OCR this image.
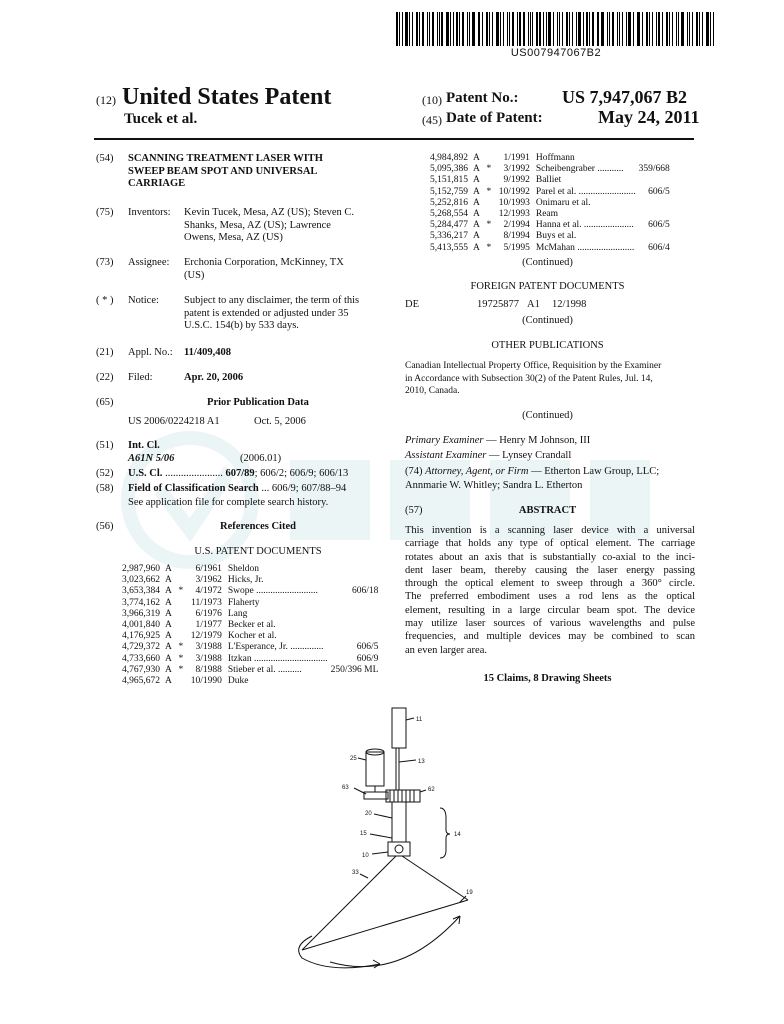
US007947067B2
(12) United States Patent
Tucek et al.
(10) Patent No.: US 7,947,067 B2
(45) Date of Patent:	May 24, 2011
(54) SCANNING TREATMENT LASER WITH
SWEEP BEAM SPOT AND UNIVERSAL
CARRIAGE
(75) Inventors: Kevin Tucek, Mesa, AZ (US); Steven C.
Shanks, Mesa, AZ (US); Lawrence
Owens, Mesa, AZ (US)
(73) Assignee: Erchonia Corporation, McKinney, TX
(US)
( * ) Notice: Subject to any disclaimer, the term of this
patent is extended or adjusted under 35
U.S.C. 154(b) by 533 days.
(21) Appl. No.: 11/409,408
(22) Filed:	Apr. 20, 2006
(65)	Prior Publication Data
US 2006/0224218 A1	Oct. 5, 2006
(51) Int. Cl.
A61N 5/06	(2006.01)
(52) U.S. Cl. ...................... 607/89; 606/2; 606/9; 606/13
(58) Field of Classification Search ... 606/9; 607/88–94
See application file for complete search history.
(56)	References Cited
U.S. PATENT DOCUMENTS
2,987,960	A		6/1961	Sheldon	
3,023,662	A		3/1962	Hicks, Jr.	
3,653,384	A	*	4/1972	Swope ..........................	606/18
3,774,162	A		11/1973	Flaherty	
3,966,319	A		6/1976	Lang	
4,001,840	A		1/1977	Becker et al.	
4,176,925	A		12/1979	Kocher et al.	
4,729,372	A	*	3/1988	L'Esperance, Jr. ..............	606/5
4,733,660	A	*	3/1988	Itzkan ...............................	606/9
4,767,930	A	*	8/1988	Stieber et al. ..........	250/396 ML
4,965,672	A		10/1990	Duke	
4,984,892	A		1/1991	Hoffmann	
5,095,386	A	*	3/1992	Scheibengraber ...........	359/668
5,151,815	A		9/1992	Balliet	
5,152,759	A	*	10/1992	Parel et al. ........................	606/5
5,252,816	A		10/1993	Onimaru et al.	
5,268,554	A		12/1993	Ream	
5,284,477	A	*	2/1994	Hanna et al. .....................	606/5
5,336,217	A		8/1994	Buys et al.	
5,413,555	A	*	5/1995	McMahan ........................	606/4
(Continued)
FOREIGN PATENT DOCUMENTS
DE	19725877 A1 12/1998
(Continued)
OTHER PUBLICATIONS
Canadian Intellectual Property Office, Requisition by the Examiner
in Accordance with Subsection 30(2) of the Patent Rules, Jul. 14,
2010, Canada.
(Continued)
Primary Examiner — Henry M Johnson, III
Assistant Examiner — Lynsey Crandall
(74) Attorney, Agent, or Firm — Etherton Law Group, LLC;
Annmarie W. Whitley; Sandra L. Etherton
(57)	ABSTRACT
This invention is a scanning laser device with a universal
carriage that holds any type of optical element. The carriage
rotates about an axis that is substantially co-axial to the inci-
dent laser beam, thereby causing the laser energy passing
through the optical element to sweep through a 360° circle.
The preferred embodiment uses a rod lens as the optical
element, resulting in a large circular beam spot. The device
may utilize laser sources of various wavelengths and pulse
frequencies, and multiple devices may be combined to scan
an even larger area.
15 Claims, 8 Drawing Sheets
11
13
25
63	62
20
14
15
10
33
19
